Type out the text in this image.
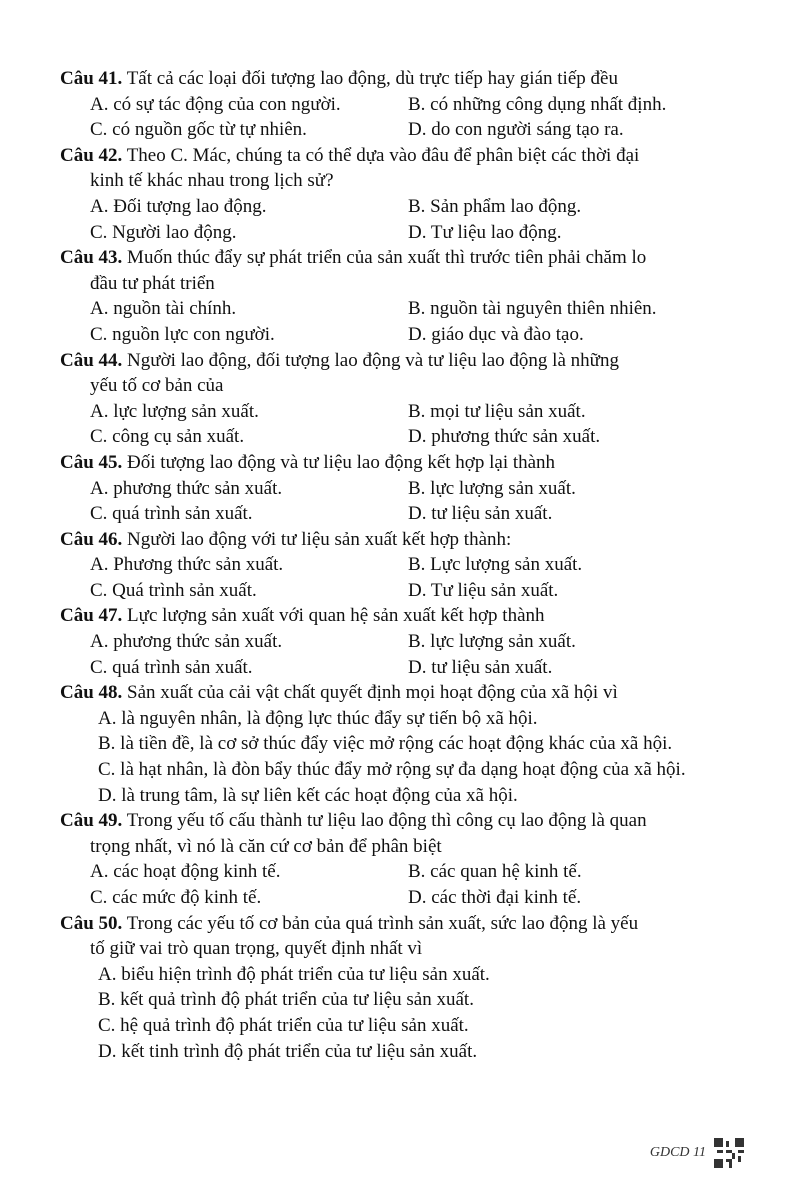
Câu 41. Tất cả các loại đối tượng lao động, dù trực tiếp hay gián tiếp đều
A. có sự tác động của con người.	B. có những công dụng nhất định.
C. có nguồn gốc từ tự nhiên.	D. do con người sáng tạo ra.
Câu 42. Theo C. Mác, chúng ta có thể dựa vào đâu để phân biệt các thời đại
kinh tế khác nhau trong lịch sử?
A. Đối tượng lao động.	B. Sản phẩm lao động.
C. Người lao động.	D. Tư liệu lao động.
Câu 43. Muốn thúc đẩy sự phát triển của sản xuất thì trước tiên phải chăm lo
đầu tư phát triển
A. nguồn tài chính.	B. nguồn tài nguyên thiên nhiên.
C. nguồn lực con người.	D. giáo dục và đào tạo.
Câu 44. Người lao động, đối tượng lao động và tư liệu lao động là những
yếu tố cơ bản của
A. lực lượng sản xuất.	B. mọi tư liệu sản xuất.
C. công cụ sản xuất.	D. phương thức sản xuất.
Câu 45. Đối tượng lao động và tư liệu lao động kết hợp lại thành
A. phương thức sản xuất.	B. lực lượng sản xuất.
C. quá trình sản xuất.	D. tư liệu sản xuất.
Câu 46. Người lao động với tư liệu sản xuất kết hợp thành:
A. Phương thức sản xuất.	B. Lực lượng sản xuất.
C. Quá trình sản xuất.	D. Tư liệu sản xuất.
Câu 47. Lực lượng sản xuất với quan hệ sản xuất kết hợp thành
A. phương thức sản xuất.	B. lực lượng sản xuất.
C. quá trình sản xuất.	D. tư liệu sản xuất.
Câu 48. Sản xuất của cải vật chất quyết định mọi hoạt động của xã hội vì
A. là nguyên nhân, là động lực thúc đẩy sự tiến bộ xã hội.
B. là tiền đề, là cơ sở thúc đẩy việc mở rộng các hoạt động khác của xã hội.
C. là hạt nhân, là đòn bẩy thúc đẩy mở rộng sự đa dạng hoạt động của xã hội.
D. là trung tâm, là sự liên kết các hoạt động của xã hội.
Câu 49. Trong yếu tố cấu thành tư liệu lao động thì công cụ lao động là quan
trọng nhất, vì nó là căn cứ cơ bản để phân biệt
A. các hoạt động kinh tế.	B. các quan hệ kinh tế.
C. các mức độ kinh tế.	D. các thời đại kinh tế.
Câu 50. Trong các yếu tố cơ bản của quá trình sản xuất, sức lao động là yếu
tố giữ vai trò quan trọng, quyết định nhất vì
A. biểu hiện trình độ phát triển của tư liệu sản xuất.
B. kết quả trình độ phát triển của tư liệu sản xuất.
C. hệ quả trình độ phát triển của tư liệu sản xuất.
D. kết tinh trình độ phát triển của tư liệu sản xuất.
GDCD 11
